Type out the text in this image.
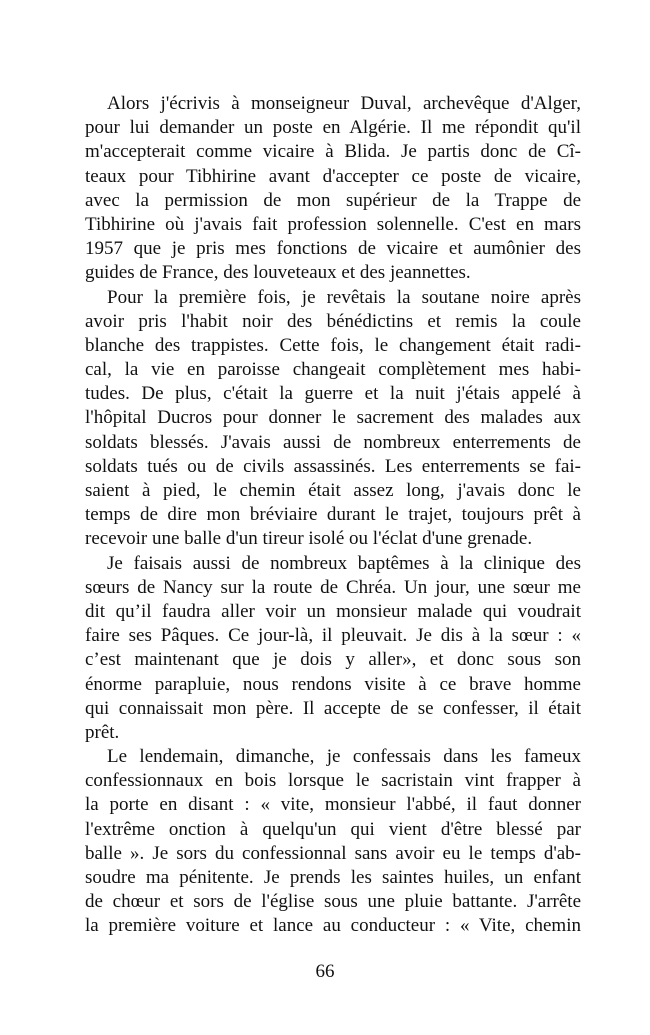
Alors j'écrivis à monseigneur Duval, archevêque d'Alger,
pour lui demander un poste en Algérie. Il me répondit qu'il
m'accepterait comme vicaire à Blida. Je partis donc de Cî-
teaux pour Tibhirine avant d'accepter ce poste de vicaire,
avec la permission de mon supérieur de la Trappe de
Tibhirine où j'avais fait profession solennelle. C'est en mars
1957 que je pris mes fonctions de vicaire et aumônier des
guides de France, des louveteaux et des jeannettes.
Pour la première fois, je revêtais la soutane noire après
avoir pris l'habit noir des bénédictins et remis la coule
blanche des trappistes. Cette fois, le changement était radi-
cal, la vie en paroisse changeait complètement mes habi-
tudes. De plus, c'était la guerre et la nuit j'étais appelé à
l'hôpital Ducros pour donner le sacrement des malades aux
soldats blessés. J'avais aussi de nombreux enterrements de
soldats tués ou de civils assassinés. Les enterrements se fai-
saient à pied, le chemin était assez long, j'avais donc le
temps de dire mon bréviaire durant le trajet, toujours prêt à
recevoir une balle d'un tireur isolé ou l'éclat d'une grenade.
Je faisais aussi de nombreux baptêmes à la clinique des
sœurs de Nancy sur la route de Chréa. Un jour, une sœur me
dit qu’il faudra aller voir un monsieur malade qui voudrait
faire ses Pâques. Ce jour-là, il pleuvait. Je dis à la sœur : «
c’est maintenant que je dois y aller», et donc sous son
énorme parapluie, nous rendons visite à ce brave homme
qui connaissait mon père. Il accepte de se confesser, il était
prêt.
Le lendemain, dimanche, je confessais dans les fameux
confessionnaux en bois lorsque le sacristain vint frapper à
la porte en disant : « vite, monsieur l'abbé, il faut donner
l'extrême onction à quelqu'un qui vient d'être blessé par
balle ». Je sors du confessionnal sans avoir eu le temps d'ab-
soudre ma pénitente. Je prends les saintes huiles, un enfant
de chœur et sors de l'église sous une pluie battante. J'arrête
la première voiture et lance au conducteur : « Vite, chemin
66
